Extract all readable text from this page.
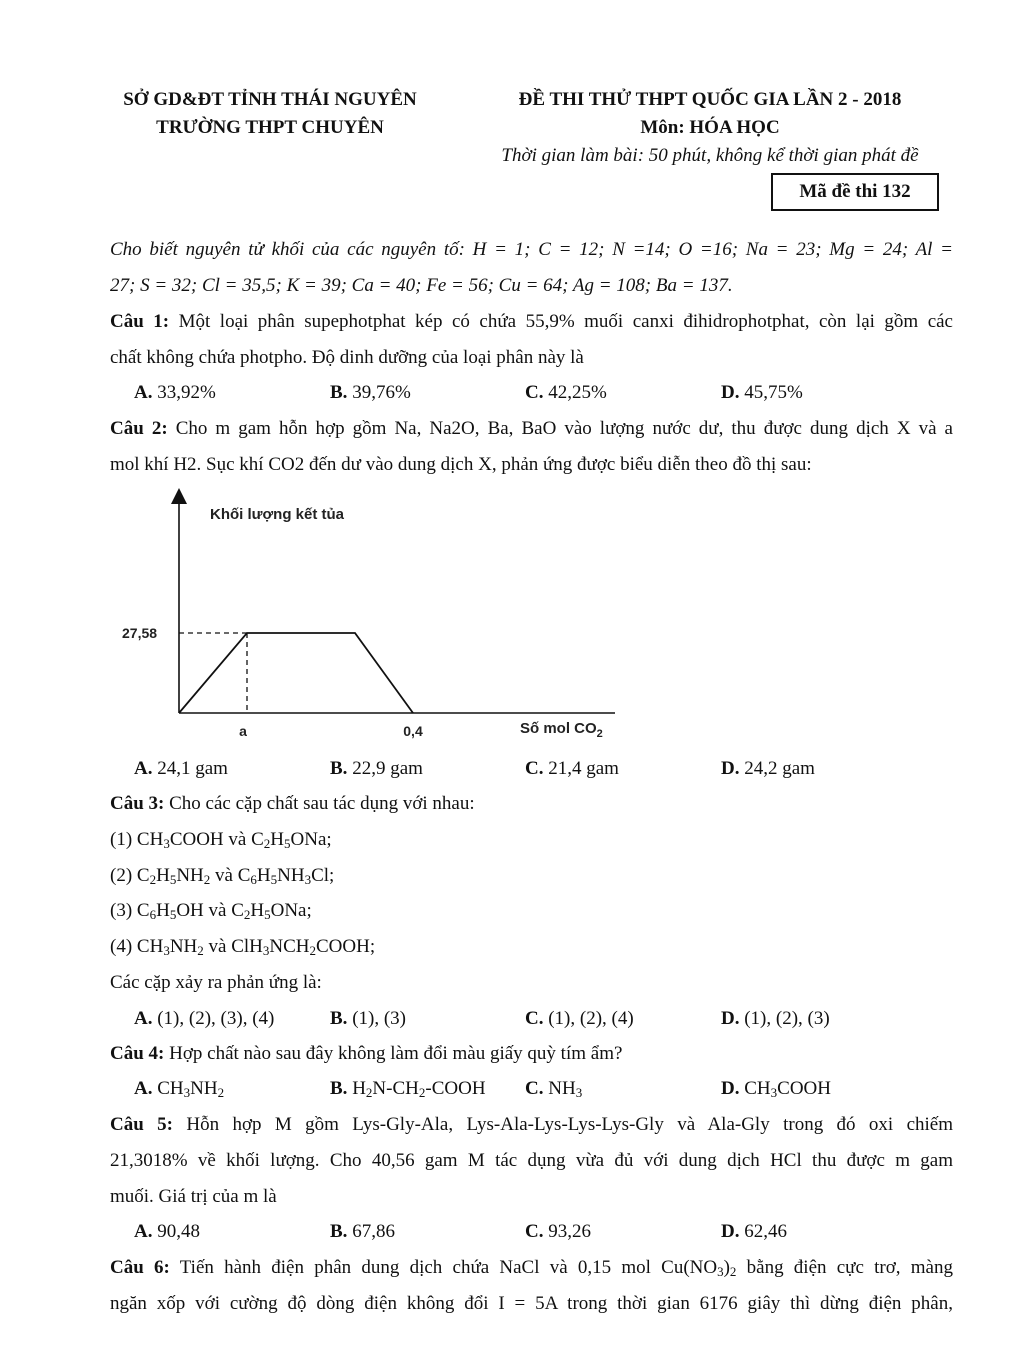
SỞ GD&ĐT TỈNH THÁI NGUYÊN
TRƯỜNG THPT CHUYÊN
ĐỀ THI THỬ THPT QUỐC GIA LẦN 2 - 2018
Môn: HÓA HỌC
Thời gian làm bài: 50 phút, không kể thời gian phát đề
Mã đề thi 132
Cho biết nguyên tử khối của các nguyên tố: H = 1; C = 12; N =14; O =16; Na = 23; Mg = 24; Al =
27; S = 32; Cl = 35,5; K = 39; Ca = 40; Fe = 56; Cu = 64; Ag = 108; Ba = 137.
Câu 1: Một loại phân supephotphat kép có chứa 55,9% muối canxi đihidrophotphat, còn lại gồm các
chất không chứa photpho. Độ dinh dưỡng của loại phân này là
A. 33,92%	B. 39,76%	C. 42,25%	D. 45,75%
Câu 2: Cho m gam hỗn hợp gồm Na, Na2O, Ba, BaO vào lượng nước dư, thu được dung dịch X và a
mol khí H2. Sục khí CO2 đến dư vào dung dịch X, phản ứng được biểu diễn theo đồ thị sau:
Khối lượng kết tủa
27,58
a	0,4	Số mol $CO_2$
A. 24,1 gam	B. 22,9 gam	C. 21,4 gam	D. 24,2 gam
Câu 3: Cho các cặp chất sau tác dụng với nhau:
(1) $CH_3COOH$ và $C_2H_5ONa$;
(2) $C_2H_5NH_2$ và $C_6H_5NH_3Cl$;
(3) $C_6H_5OH$ và $C_2H_5ONa$;
(4) $CH_3NH_2$ và $ClH_3NCH_2COOH$;
Các cặp xảy ra phản ứng là:
A. (1), (2), (3), (4)	B. (1), (3)	C. (1), (2), (4)	D. (1), (2), (3)
Câu 4: Hợp chất nào sau đây không làm đổi màu giấy quỳ tím ẩm?
A. $CH_3NH_2$	B. $H_2N-CH_2$-COOH C. $NH_3$	D. $CH_3COOH$
Câu 5: Hỗn hợp M gồm Lys-Gly-Ala, Lys-Ala-Lys-Lys-Lys-Gly và Ala-Gly trong đó oxi chiếm
21,3018% về khối lượng. Cho 40,56 gam M tác dụng vừa đủ với dung dịch HCl thu được m gam
muối. Giá trị của m là
A. 90,48	B. 67,86	C. 93,26	D. 62,46
Câu 6: Tiến hành điện phân dung dịch chứa NaCl và 0,15 mol $Cu(NO_3)_2$ bằng điện cực trơ, màng
ngăn xốp với cường độ dòng điện không đổi I = 5A trong thời gian 6176 giây thì dừng điện phân,
